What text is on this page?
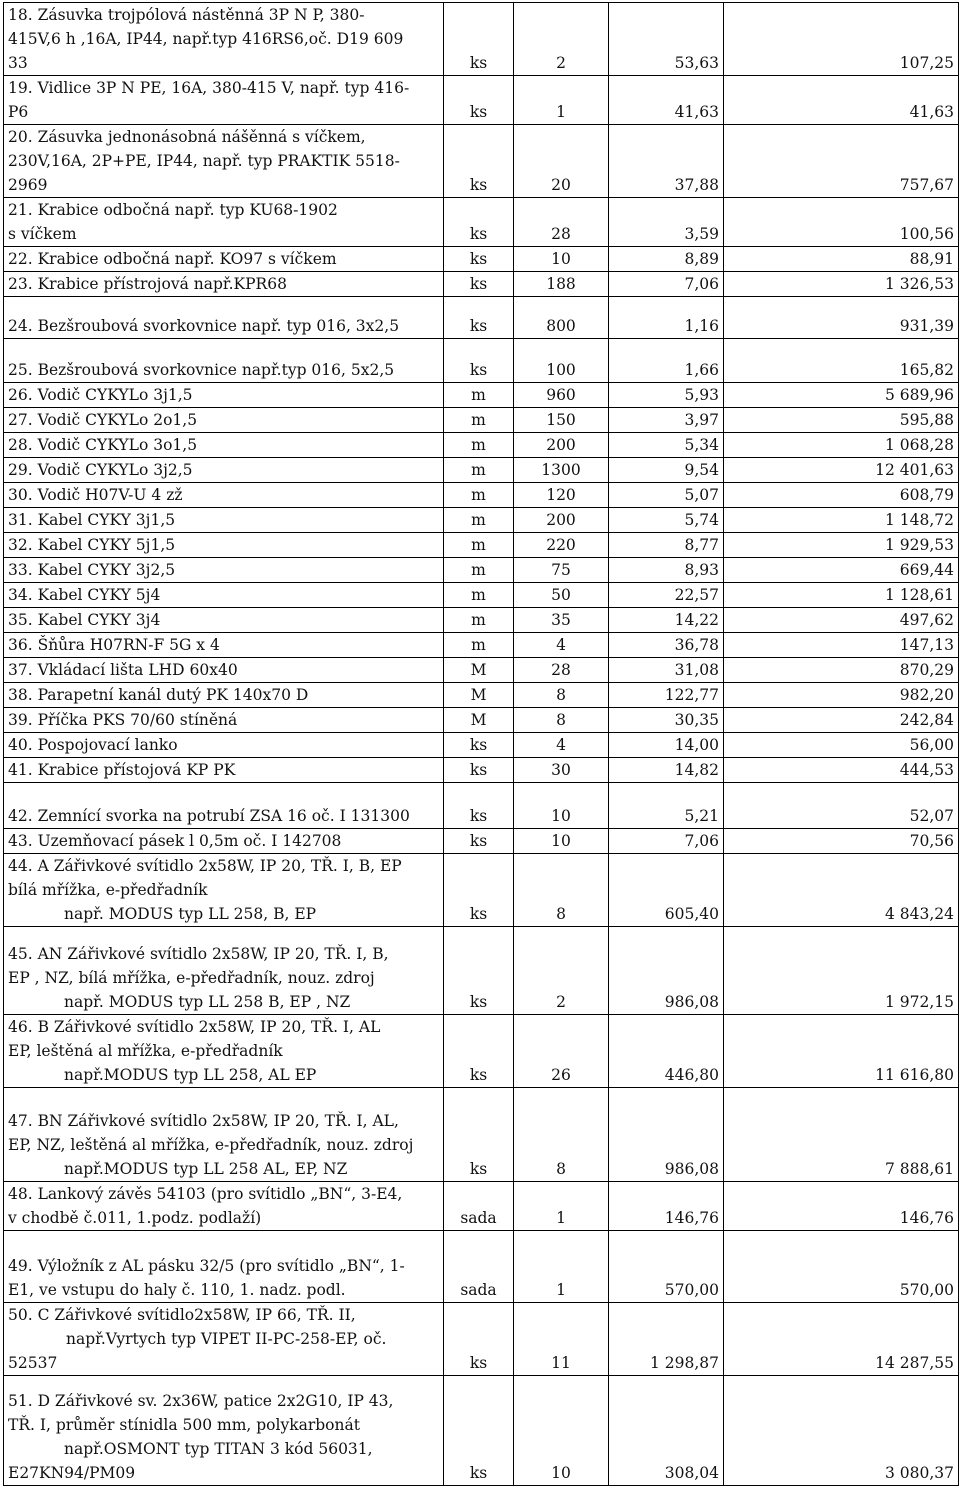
18. Zásuvka trojpólová nástěnná 3P N P, 380-
415V,6 h ,16A, IP44, např.typ 416RS6,oč. D19 609
33	ks	2	53,63	107,25

19. Vidlice 3P N PE, 16A, 380-415 V, např. typ 416-
P6	ks	1	41,63	41,63

20. Zásuvka jednonásobná nášěnná s víčkem,
230V,16A, 2P+PE, IP44, např. typ PRAKTIK 5518-
2969	ks	20	37,88	757,67

21. Krabice odbočná např. typ KU68-1902
s víčkem	ks	28	3,59	100,56

22. Krabice odbočná např. KO97 s víčkem	ks	10	8,89	88,91

23. Krabice přístrojová např.KPR68	ks	188	7,06	1 326,53

24. Bezšroubová svorkovnice např. typ 016, 3x2,5	ks	800	1,16	931,39

25. Bezšroubová svorkovnice např.typ 016, 5x2,5	ks	100	1,66	165,82

26. Vodič CYKYLo 3j1,5	m	960	5,93	5 689,96

27. Vodič CYKYLo 2o1,5	m	150	3,97	595,88

28. Vodič CYKYLo 3o1,5	m	200	5,34	1 068,28

29. Vodič CYKYLo 3j2,5	m	1300	9,54	12 401,63

30. Vodič H07V-U 4 zž	m	120	5,07	608,79

31. Kabel CYKY 3j1,5	m	200	5,74	1 148,72

32. Kabel CYKY 5j1,5	m	220	8,77	1 929,53

33. Kabel CYKY 3j2,5	m	75	8,93	669,44

34. Kabel CYKY 5j4	m	50	22,57	1 128,61

35. Kabel CYKY 3j4	m	35	14,22	497,62

36. Šňůra H07RN-F 5G x 4	m	4	36,78	147,13

37. Vkládací lišta LHD 60x40	M	28	31,08	870,29

38. Parapetní kanál dutý PK 140x70 D	M	8	122,77	982,20

39. Příčka PKS 70/60 stíněná	M	8	30,35	242,84

40. Pospojovací lanko	ks	4	14,00	56,00

41. Krabice přístojová KP PK	ks	30	14,82	444,53

42. Zemnící svorka na potrubí ZSA 16 oč. I 131300	ks	10	5,21	52,07

43. Uzemňovací pásek l 0,5m oč. I 142708	ks	10	7,06	70,56

44. A Zářivkové svítidlo 2x58W, IP 20, TŘ. I, B, EP
bílá mřížka, e-předřadník
např. MODUS typ LL 258, B, EP	ks	8	605,40	4 843,24

45. AN Zářivkové svítidlo 2x58W, IP 20, TŘ. I, B,
EP , NZ, bílá mřížka, e-předřadník, nouz. zdroj
např. MODUS typ LL 258 B, EP , NZ	ks	2	986,08	1 972,15

46. B Zářivkové svítidlo 2x58W, IP 20, TŘ. I, AL
EP, leštěná al mřížka, e-předřadník
např.MODUS typ LL 258, AL EP	ks	26	446,80	11 616,80

47. BN Zářivkové svítidlo 2x58W, IP 20, TŘ. I, AL,
EP, NZ, leštěná al mřížka, e-předřadník, nouz. zdroj
např.MODUS typ LL 258 AL, EP, NZ	ks	8	986,08	7 888,61

48. Lankový závěs 54103 (pro svítidlo „BN“, 3-E4,
v chodbě č.011, 1.podz. podlaží)	sada	1	146,76	146,76

49. Výložník z AL pásku 32/5 (pro svítidlo „BN“, 1-
E1, ve vstupu do haly č. 110, 1. nadz. podl.	sada	1	570,00	570,00

50. C Zářivkové svítidlo2x58W, IP 66, TŘ. II,
např.Vyrtych typ VIPET II-PC-258-EP, oč.
52537	ks	11	1 298,87	14 287,55

51. D Zářivkové sv. 2x36W, patice 2x2G10, IP 43,
TŘ. I, průměr stínidla 500 mm, polykarbonát
např.OSMONT typ TITAN 3 kód 56031,
E27KN94/PM09	ks	10	308,04	3 080,37
